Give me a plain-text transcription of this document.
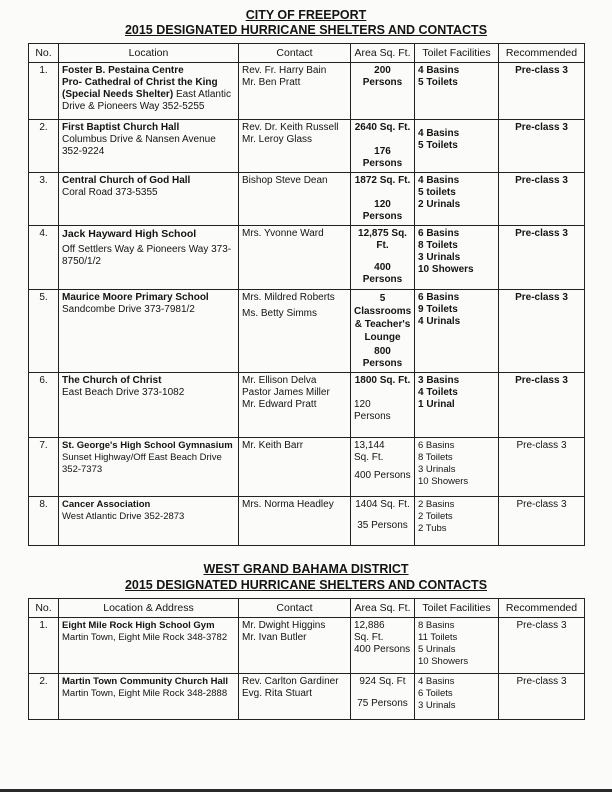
CITY OF FREEPORT
2015 DESIGNATED HURRICANE SHELTERS AND CONTACTS
No.	Location	Contact	Area Sq. Ft.	Toilet Facilities	Recommended
1.	Foster B. Pestaina Centre
Pro- Cathedral of Christ the King
(Special Needs Shelter) East Atlantic Drive & Pioneers Way 352-5255	Rev. Fr. Harry Bain
Mr. Ben Pratt	200 Persons	4 Basins
5 Toilets	Pre-class 3
2.	First Baptist Church Hall
Columbus Drive & Nansen Avenue 352-9224	Rev. Dr. Keith Russell
Mr. Leroy Glass	2640 Sq. Ft.
176 Persons	4 Basins
5 Toilets	Pre-class 3
3.	Central Church of God Hall
Coral Road 373-5355	Bishop Steve Dean	1872 Sq. Ft.
120 Persons	4 Basins
5 toilets
2 Urinals	Pre-class 3
4.	Jack Hayward High School
Off Settlers Way & Pioneers Way 373-8750/1/2	Mrs. Yvonne Ward	12,875 Sq. Ft.
400 Persons	6 Basins
8 Toilets
3 Urinals
10 Showers	Pre-class 3
5.	Maurice Moore Primary School
Sandcombe Drive 373-7981/2	Mrs. Mildred Roberts
Ms. Betty Simms	5 Classrooms & Teacher's Lounge
800 Persons	6 Basins
9 Toilets
4 Urinals	Pre-class 3
6.	The Church of Christ
East Beach Drive 373-1082	Mr. Ellison Delva
Pastor James Miller
Mr. Edward Pratt	1800 Sq. Ft.
120 Persons	3 Basins
4 Toilets
1 Urinal	Pre-class 3
7.	St. George's High School Gymnasium
Sunset Highway/Off East Beach Drive 352-7373	Mr. Keith Barr	13,144 Sq. Ft.
400 Persons	6 Basins
8 Toilets
3 Urinals
10 Showers	Pre-class 3
8.	Cancer Association
West Atlantic Drive 352-2873	Mrs. Norma Headley	1404 Sq. Ft.
35 Persons	2 Basins
2 Toilets
2 Tubs	Pre-class 3
WEST GRAND BAHAMA DISTRICT
2015 DESIGNATED HURRICANE SHELTERS AND CONTACTS
No.	Location & Address	Contact	Area Sq. Ft.	Toilet Facilities	Recommended
1.	Eight Mile Rock High School Gym
Martin Town, Eight Mile Rock 348-3782	Mr. Dwight Higgins
Mr. Ivan Butler	12,886 Sq. Ft.
400 Persons	8 Basins
11 Toilets
5 Urinals
10 Showers	Pre-class 3
2.	Martin Town Community Church Hall
Martin Town, Eight Mile Rock 348-2888	Rev. Carlton Gardiner
Evg. Rita Stuart	924 Sq. Ft
75 Persons	4 Basins
6 Toilets
3 Urinals	Pre-class 3
